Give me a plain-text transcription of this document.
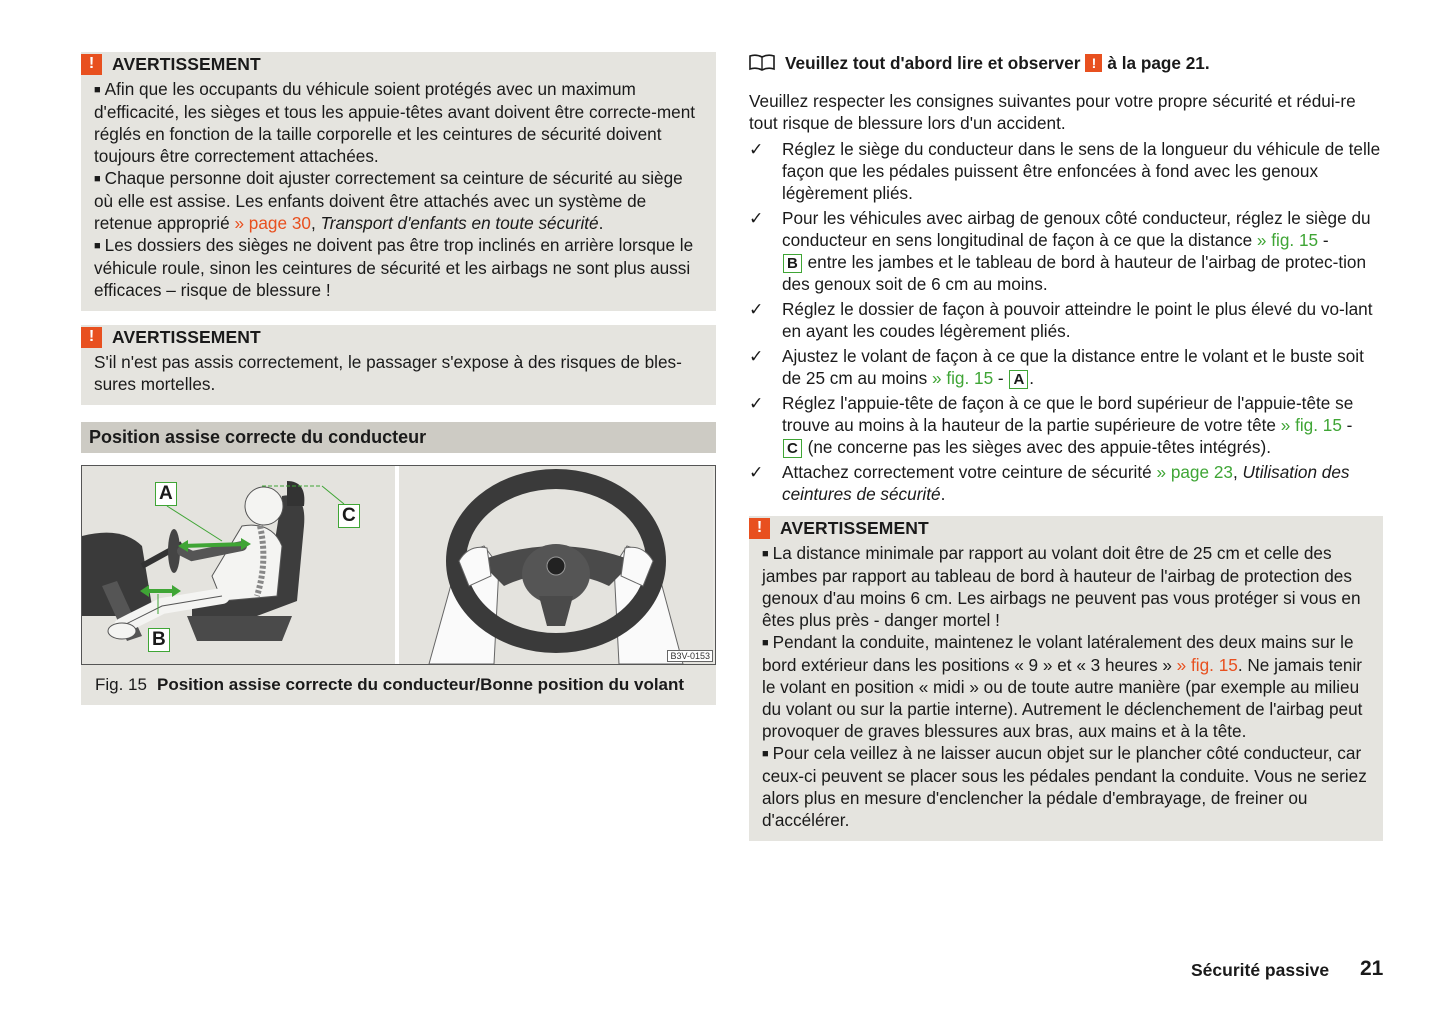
!	AVERTISSEMENT

■ Afin que les occupants du véhicule soient protégés avec un maximum d'efficacité, les sièges et tous les appuie-têtes avant doivent être correcte-ment réglés en fonction de la taille corporelle et les ceintures de sécurité doivent toujours être correctement attachées.

■ Chaque personne doit ajuster correctement sa ceinture de sécurité au siège où elle est assise. Les enfants doivent être attachés avec un système de retenue approprié » page 30, Transport d'enfants en toute sécurité.

■ Les dossiers des sièges ne doivent pas être trop inclinés en arrière lorsque le véhicule roule, sinon les ceintures de sécurité et les airbags ne sont plus aussi efficaces – risque de blessure !

!	AVERTISSEMENT

S'il n'est pas assis correctement, le passager s'expose à des risques de bles-sures mortelles.

Position assise correcte du conducteur
A
B
C
B3V-0153
Fig. 15 Position assise correcte du conducteur/Bonne position du volant
Veuillez tout d'abord lire et observer ! à la page 21.
Veuillez respecter les consignes suivantes pour votre propre sécurité et rédui-re tout risque de blessure lors d'un accident.
✓	Réglez le siège du conducteur dans le sens de la longueur du véhicule de telle façon que les pédales puissent être enfoncées à fond avec les genoux légèrement pliés.
✓	Pour les véhicules avec airbag de genoux côté conducteur, réglez le siège du conducteur en sens longitudinal de façon à ce que la distance » fig. 15 -
B entre les jambes et le tableau de bord à hauteur de l'airbag de protec-tion des genoux soit de 6 cm au moins.
✓	Réglez le dossier de façon à pouvoir atteindre le point le plus élevé du vo-lant en ayant les coudes légèrement pliés.
✓	Ajustez le volant de façon à ce que la distance entre le volant et le buste soit de 25 cm au moins » fig. 15 - A .
✓	Réglez l'appuie-tête de façon à ce que le bord supérieur de l'appuie-tête se trouve au moins à la hauteur de la partie supérieure de votre tête » fig. 15 -
C (ne concerne pas les sièges avec des appuie-têtes intégrés).
✓	Attachez correctement votre ceinture de sécurité » page 23, Utilisation des ceintures de sécurité.
!	AVERTISSEMENT

■ La distance minimale par rapport au volant doit être de 25 cm et celle des jambes par rapport au tableau de bord à hauteur de l'airbag de protection des genoux d'au moins 6 cm. Les airbags ne peuvent pas vous protéger si vous en êtes plus près - danger mortel !

■ Pendant la conduite, maintenez le volant latéralement des deux mains sur le bord extérieur dans les positions « 9 » et « 3 heures » » fig. 15. Ne jamais tenir le volant en position « midi » ou de toute autre manière (par exemple au milieu du volant ou sur la partie interne). Autrement le déclenchement de l'airbag peut provoquer de graves blessures aux bras, aux mains et à la tête.

■ Pour cela veillez à ne laisser aucun objet sur le plancher côté conducteur, car ceux-ci peuvent se placer sous les pédales pendant la conduite. Vous ne seriez alors plus en mesure d'enclencher la pédale d'embrayage, de freiner ou d'accélérer.

Sécurité passive 21
